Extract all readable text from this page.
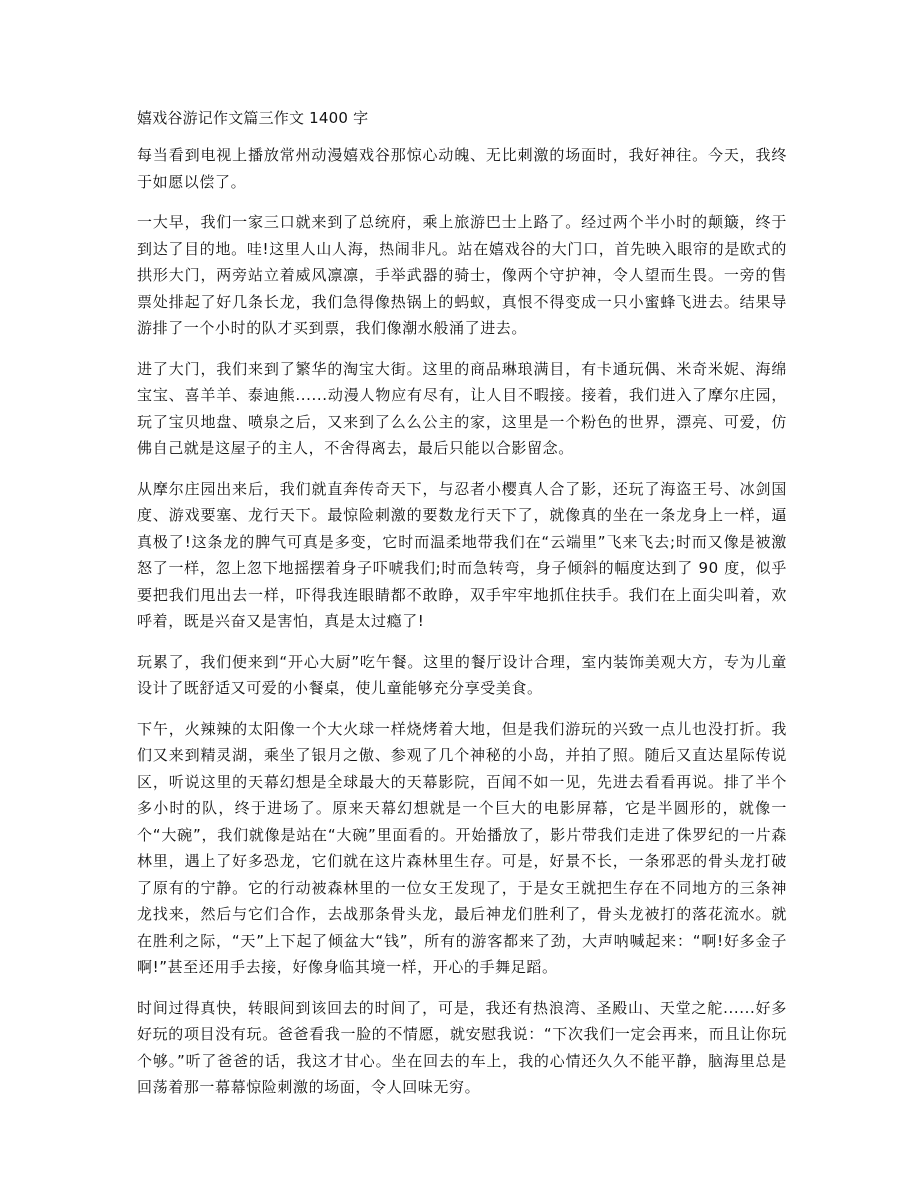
嬉戏谷游记作文篇三作文 1400 字

每当看到电视上播放常州动漫嬉戏谷那惊心动魄、无比刺激的场面时，我好神往。今天，我终于如愿以偿了。

一大早，我们一家三口就来到了总统府，乘上旅游巴士上路了。经过两个半小时的颠簸，终于到达了目的地。哇!这里人山人海，热闹非凡。站在嬉戏谷的大门口，首先映入眼帘的是欧式的拱形大门，两旁站立着威风凛凛，手举武器的骑士，像两个守护神，令人望而生畏。一旁的售票处排起了好几条长龙，我们急得像热锅上的蚂蚁，真恨不得变成一只小蜜蜂飞进去。结果导游排了一个小时的队才买到票，我们像潮水般涌了进去。

进了大门，我们来到了繁华的淘宝大街。这里的商品琳琅满目，有卡通玩偶、米奇米妮、海绵宝宝、喜羊羊、泰迪熊......动漫人物应有尽有，让人目不暇接。接着，我们进入了摩尔庄园，玩了宝贝地盘、喷泉之后，又来到了么么公主的家，这里是一个粉色的世界，漂亮、可爱，仿佛自己就是这屋子的主人，不舍得离去，最后只能以合影留念。

从摩尔庄园出来后，我们就直奔传奇天下，与忍者小樱真人合了影，还玩了海盗王号、冰剑国度、游戏要塞、龙行天下。最惊险刺激的要数龙行天下了，就像真的坐在一条龙身上一样，逼真极了!这条龙的脾气可真是多变，它时而温柔地带我们在“云端里”飞来飞去;时而又像是被激怒了一样，忽上忽下地摇摆着身子吓唬我们;时而急转弯，身子倾斜的幅度达到了 90 度，似乎要把我们甩出去一样，吓得我连眼睛都不敢睁，双手牢牢地抓住扶手。我们在上面尖叫着，欢呼着，既是兴奋又是害怕，真是太过瘾了!

玩累了，我们便来到“开心大厨”吃午餐。这里的餐厅设计合理，室内装饰美观大方，专为儿童设计了既舒适又可爱的小餐桌，使儿童能够充分享受美食。

下午，火辣辣的太阳像一个大火球一样烧烤着大地，但是我们游玩的兴致一点儿也没打折。我们又来到精灵湖，乘坐了银月之傲、参观了几个神秘的小岛，并拍了照。随后又直达星际传说区，听说这里的天幕幻想是全球最大的天幕影院，百闻不如一见，先进去看看再说。排了半个多小时的队，终于进场了。原来天幕幻想就是一个巨大的电影屏幕，它是半圆形的，就像一个“大碗”，我们就像是站在“大碗”里面看的。开始播放了，影片带我们走进了侏罗纪的一片森林里，遇上了好多恐龙，它们就在这片森林里生存。可是，好景不长，一条邪恶的骨头龙打破了原有的宁静。它的行动被森林里的一位女王发现了，于是女王就把生存在不同地方的三条神龙找来，然后与它们合作，去战那条骨头龙，最后神龙们胜利了，骨头龙被打的落花流水。就在胜利之际，“天”上下起了倾盆大“钱”，所有的游客都来了劲，大声呐喊起来：“啊!好多金子啊!”甚至还用手去接，好像身临其境一样，开心的手舞足蹈。

时间过得真快，转眼间到该回去的时间了，可是，我还有热浪湾、圣殿山、天堂之舵......好多好玩的项目没有玩。爸爸看我一脸的不情愿，就安慰我说：“下次我们一定会再来，而且让你玩个够。”听了爸爸的话，我这才甘心。坐在回去的车上，我的心情还久久不能平静，脑海里总是回荡着那一幕幕惊险刺激的场面，令人回味无穷。
